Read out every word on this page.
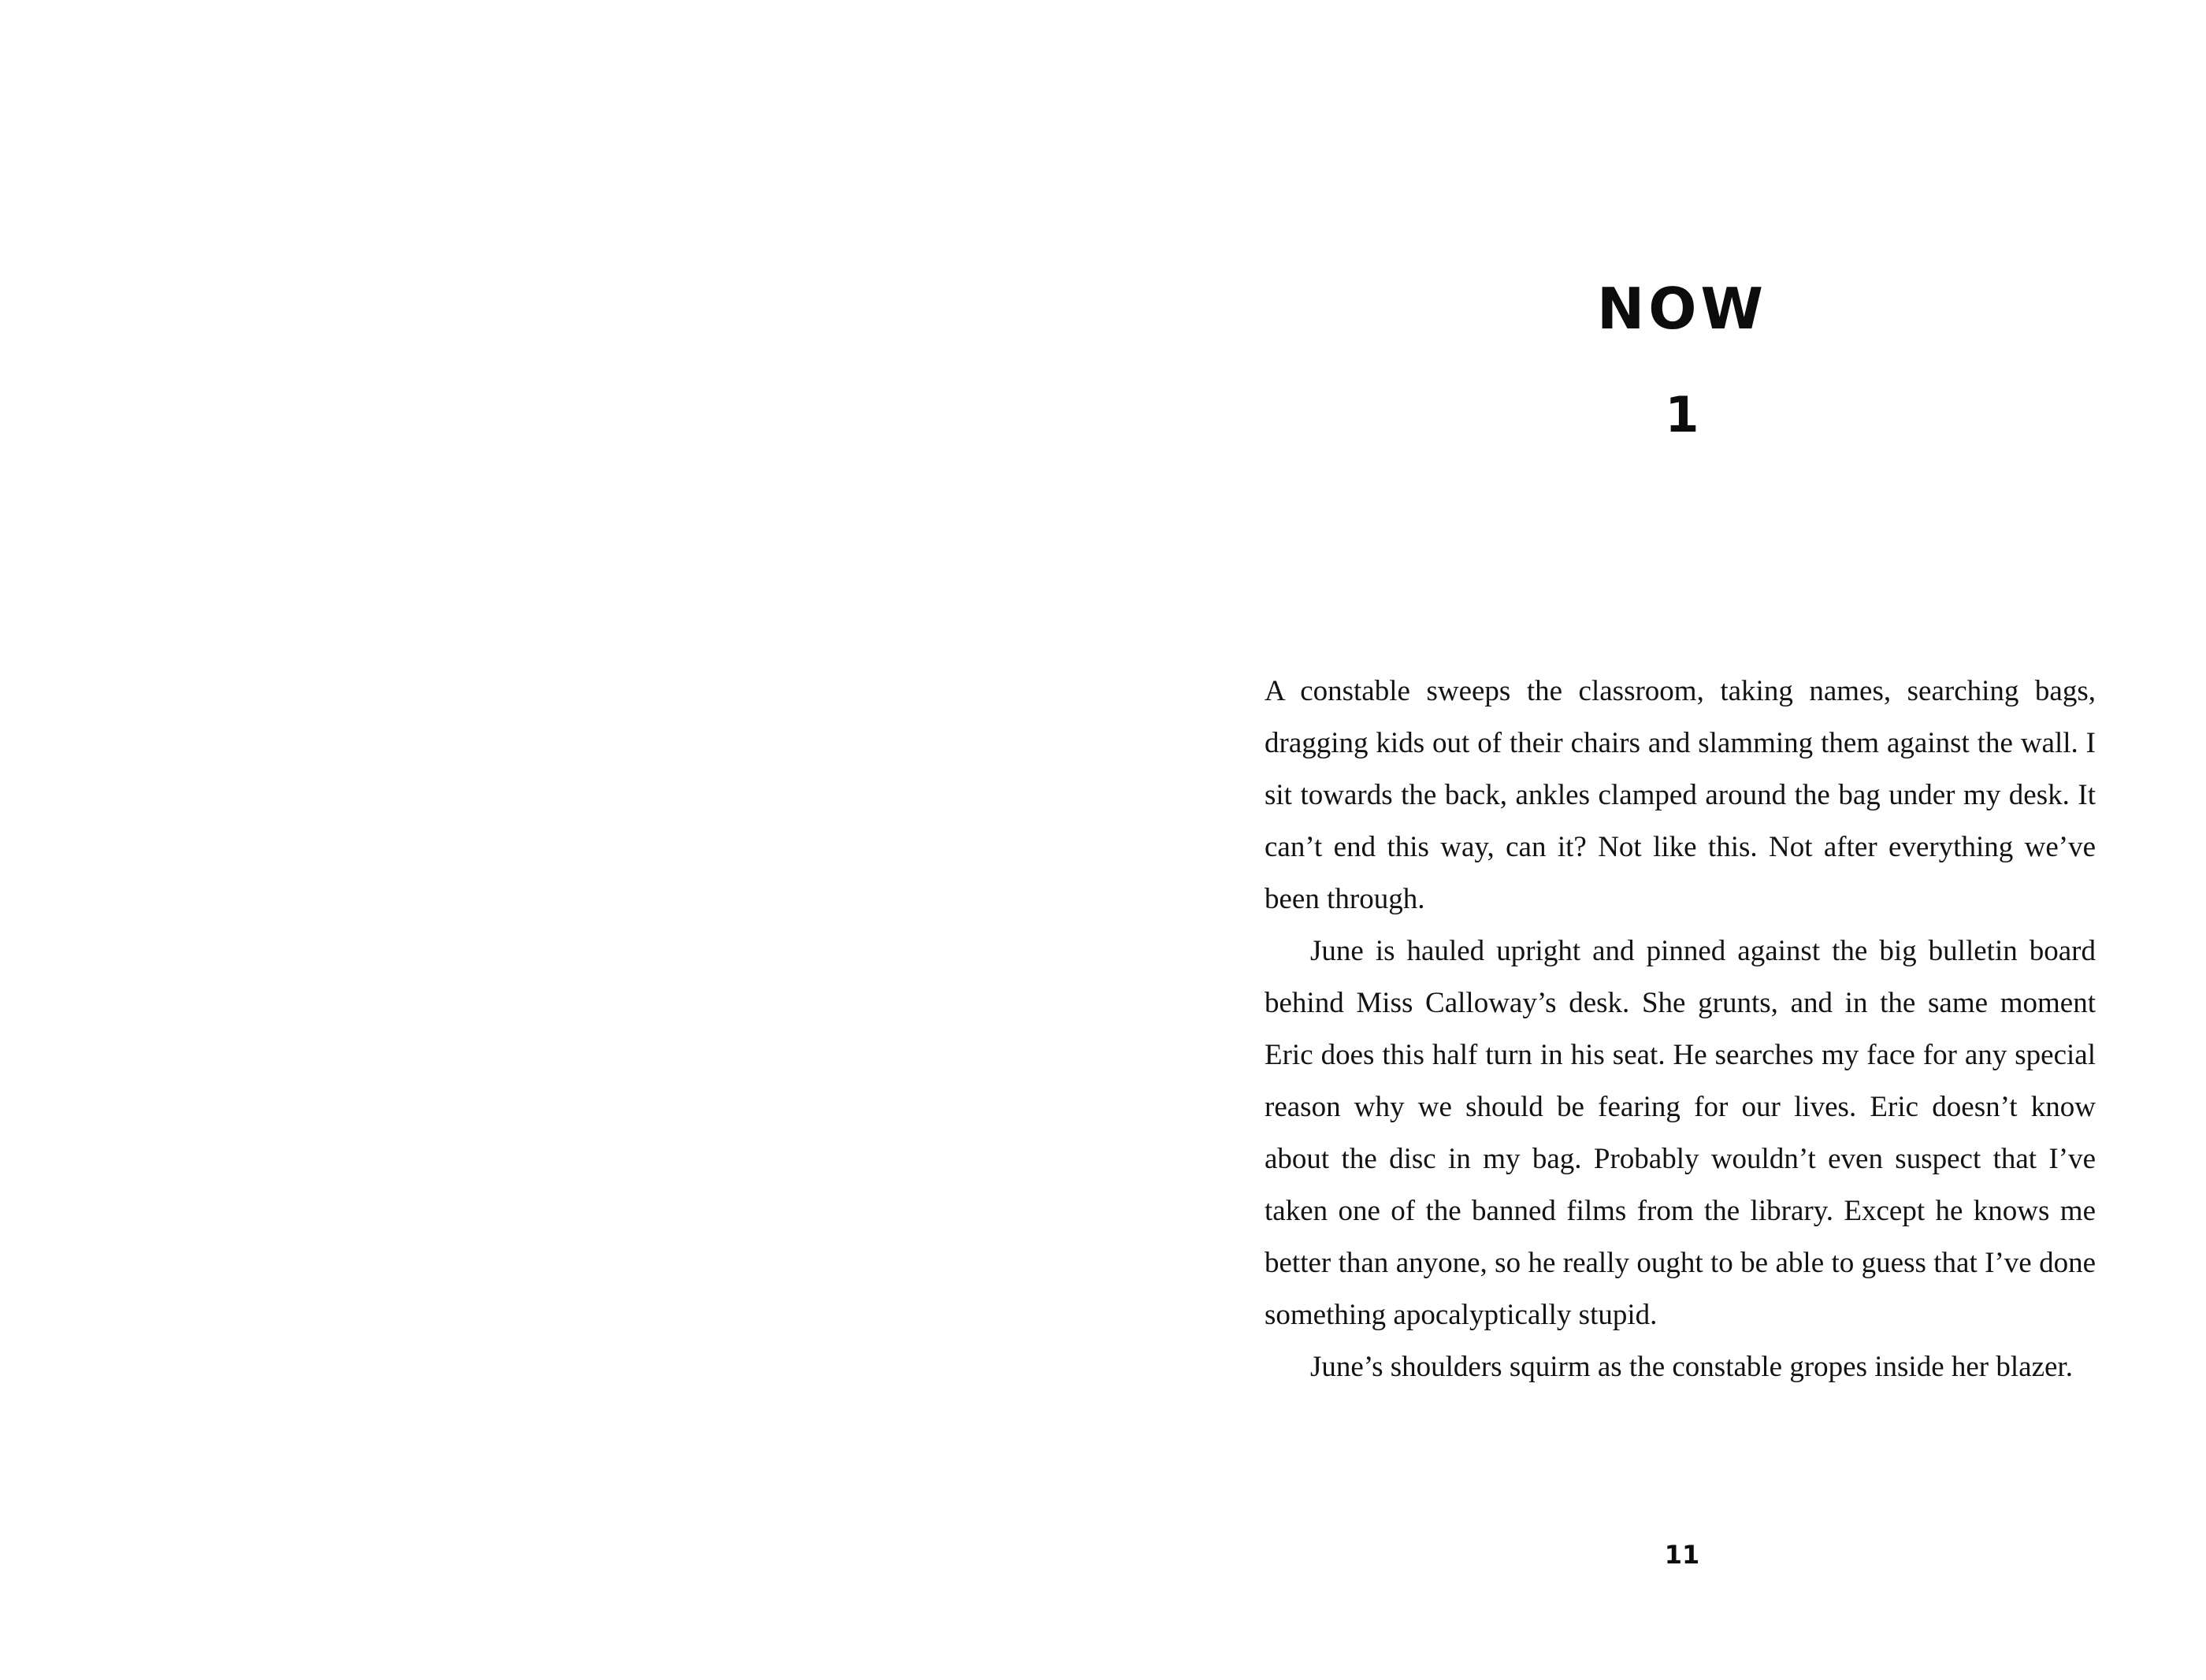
NOW
1

A constable sweeps the classroom, taking names, searching bags, dragging kids out of their chairs and slamming them against the wall. I sit towards the back, ankles clamped around the bag under my desk. It can’t end this way, can it? Not like this. Not after everything we’ve been through.

June is hauled upright and pinned against the big bulletin board behind Miss Calloway’s desk. She grunts, and in the same moment Eric does this half turn in his seat. He searches my face for any special reason why we should be fearing for our lives. Eric doesn’t know about the disc in my bag. Probably wouldn’t even suspect that I’ve taken one of the banned films from the library. Except he knows me better than anyone, so he really ought to be able to guess that I’ve done something apocalyptically stupid.

June’s shoulders squirm as the constable gropes inside her blazer.

11
